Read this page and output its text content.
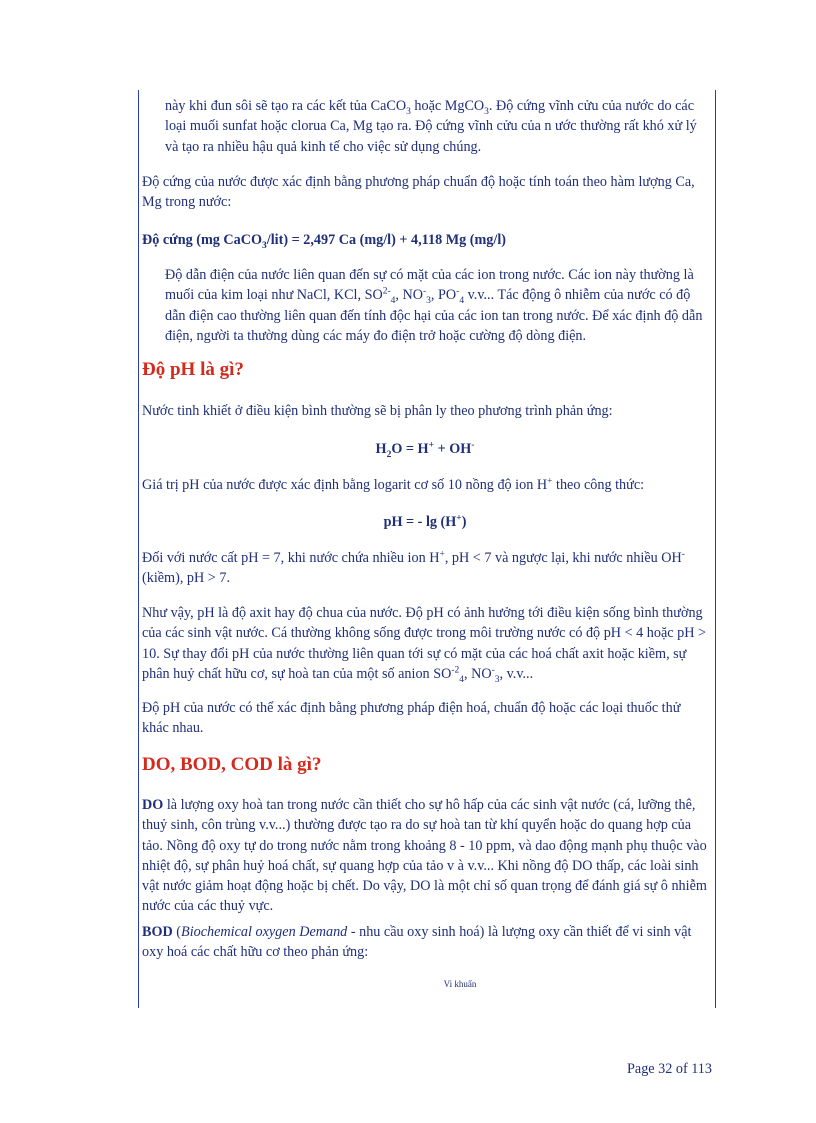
này khi đun sôi sẽ tạo ra các kết tủa CaCO$_3$ hoặc MgCO$_3$. Độ cứng vĩnh cửu của nước do các loại muối sunfat hoặc clorua Ca, Mg tạo ra. Độ cứng vĩnh cửu của n ước thường rất khó xử lý và tạo ra nhiều hậu quả kinh tế cho việc sử dụng chúng.
Độ cứng của nước được xác định bằng phương pháp chuẩn độ hoặc tính toán theo hàm lượng Ca, Mg trong nước:
Độ cứng (mg CaCO$_3$/lit) = 2,497 Ca (mg/l) + 4,118 Mg (mg/l)
Độ dẫn điện của nước liên quan đến sự có mặt của các ion trong nước. Các ion này thường là muối của kim loại như NaCl, KCl, $SO^{2-}_4$, $NO^-_3$, $PO^-_4$ v.v... Tác động ô nhiễm của nước có độ dẫn điện cao thường liên quan đến tính độc hại của các ion tan trong nước. Để xác định độ dẫn điện, người ta thường dùng các máy đo điện trở hoặc cường độ dòng điện.
Độ pH là gì?
Nước tinh khiết ở điều kiện bình thường sẽ bị phân ly theo phương trình phản ứng:
$H_2O = H^+ + OH^-$
Giá trị pH của nước được xác định bằng logarit cơ số 10 nồng độ ion H+ theo công thức:
pH = - lg (H+)
Đối với nước cất pH = 7, khi nước chứa nhiều ion H+, pH < 7 và ngược lại, khi nước nhiều OH- (kiềm), pH > 7.
Như vậy, pH là độ axit hay độ chua của nước. Độ pH có ảnh hưởng tới điều kiện sống bình thường của các sinh vật nước. Cá thường không sống được trong môi trường nước có độ pH < 4 hoặc pH > 10. Sự thay đổi pH của nước thường liên quan tới sự có mặt của các hoá chất axit hoặc kiềm, sự phân huỷ chất hữu cơ, sự hoà tan của một số anion $SO^{-2}_4$, $NO^-_3$, v.v...
Độ pH của nước có thể xác định bằng phương pháp điện hoá, chuẩn độ hoặc các loại thuốc thử khác nhau.
DO, BOD, COD là gì?
DO là lượng oxy hoà tan trong nước cần thiết cho sự hô hấp của các sinh vật nước (cá, lưỡng thê, thuỷ sinh, côn trùng v.v...) thường được tạo ra do sự hoà tan từ khí quyển hoặc do quang hợp của tảo. Nồng độ oxy tự do trong nước nằm trong khoảng 8 - 10 ppm, và dao động mạnh phụ thuộc vào nhiệt độ, sự phân huỷ hoá chất, sự quang hợp của tảo v à v.v... Khi nồng độ DO thấp, các loài sinh vật nước giảm hoạt động hoặc bị chết. Do vậy, DO là một chỉ số quan trọng để đánh giá sự ô nhiễm nước của các thuỷ vực.
BOD (Biochemical oxygen Demand - nhu cầu oxy sinh hoá) là lượng oxy cần thiết để vi sinh vật oxy hoá các chất hữu cơ theo phản ứng:
Vi khuẩn
Page 32 of 113
